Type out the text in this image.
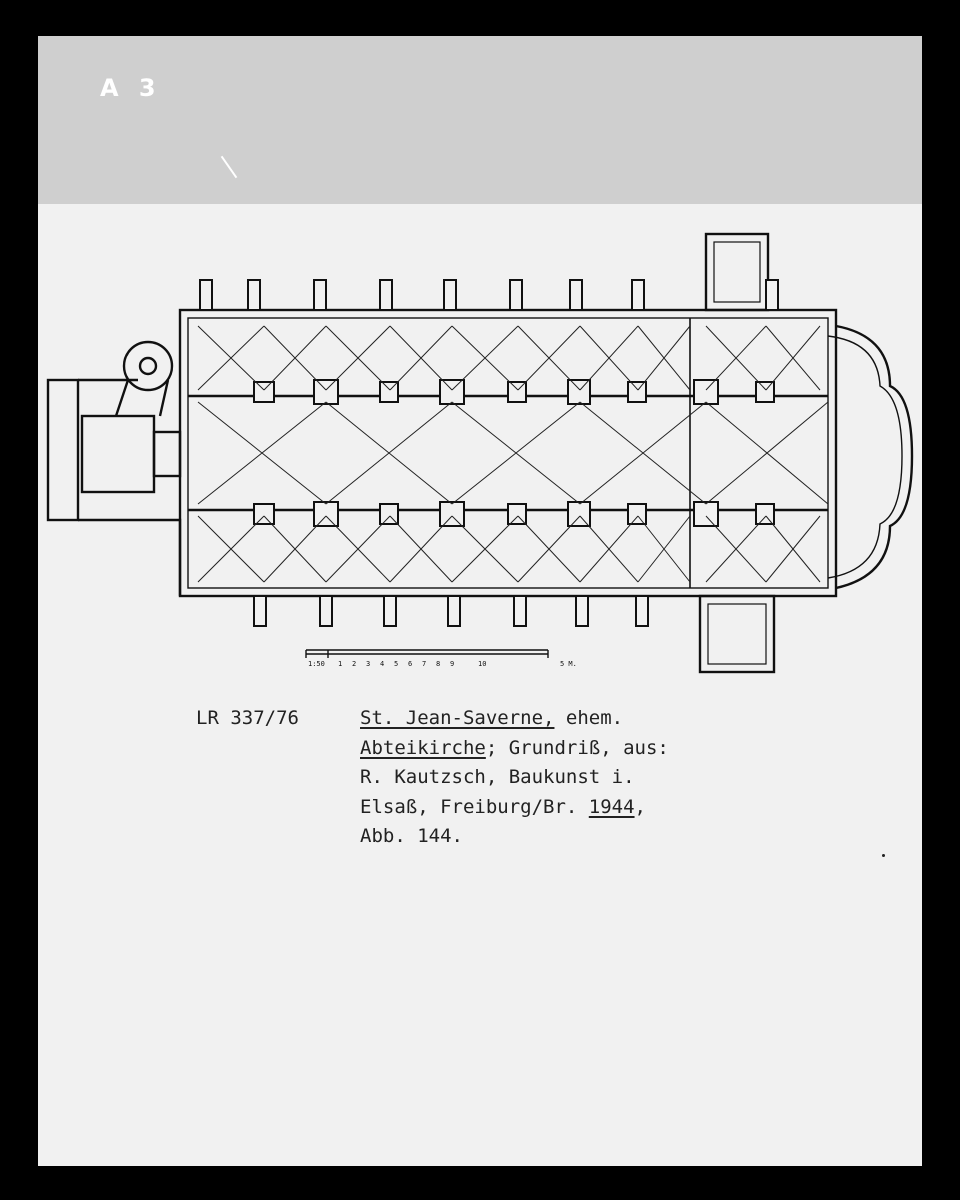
A 3
1:50 1 2 3 4 5 6 7 8 9	10	5 M.
LR 337/76	St. Jean-Saverne, ehem.
Abteikirche; Grundriß, aus:
R. Kautzsch, Baukunst i.
Elsaß, Freiburg/Br. 1944,
Abb. 144.
